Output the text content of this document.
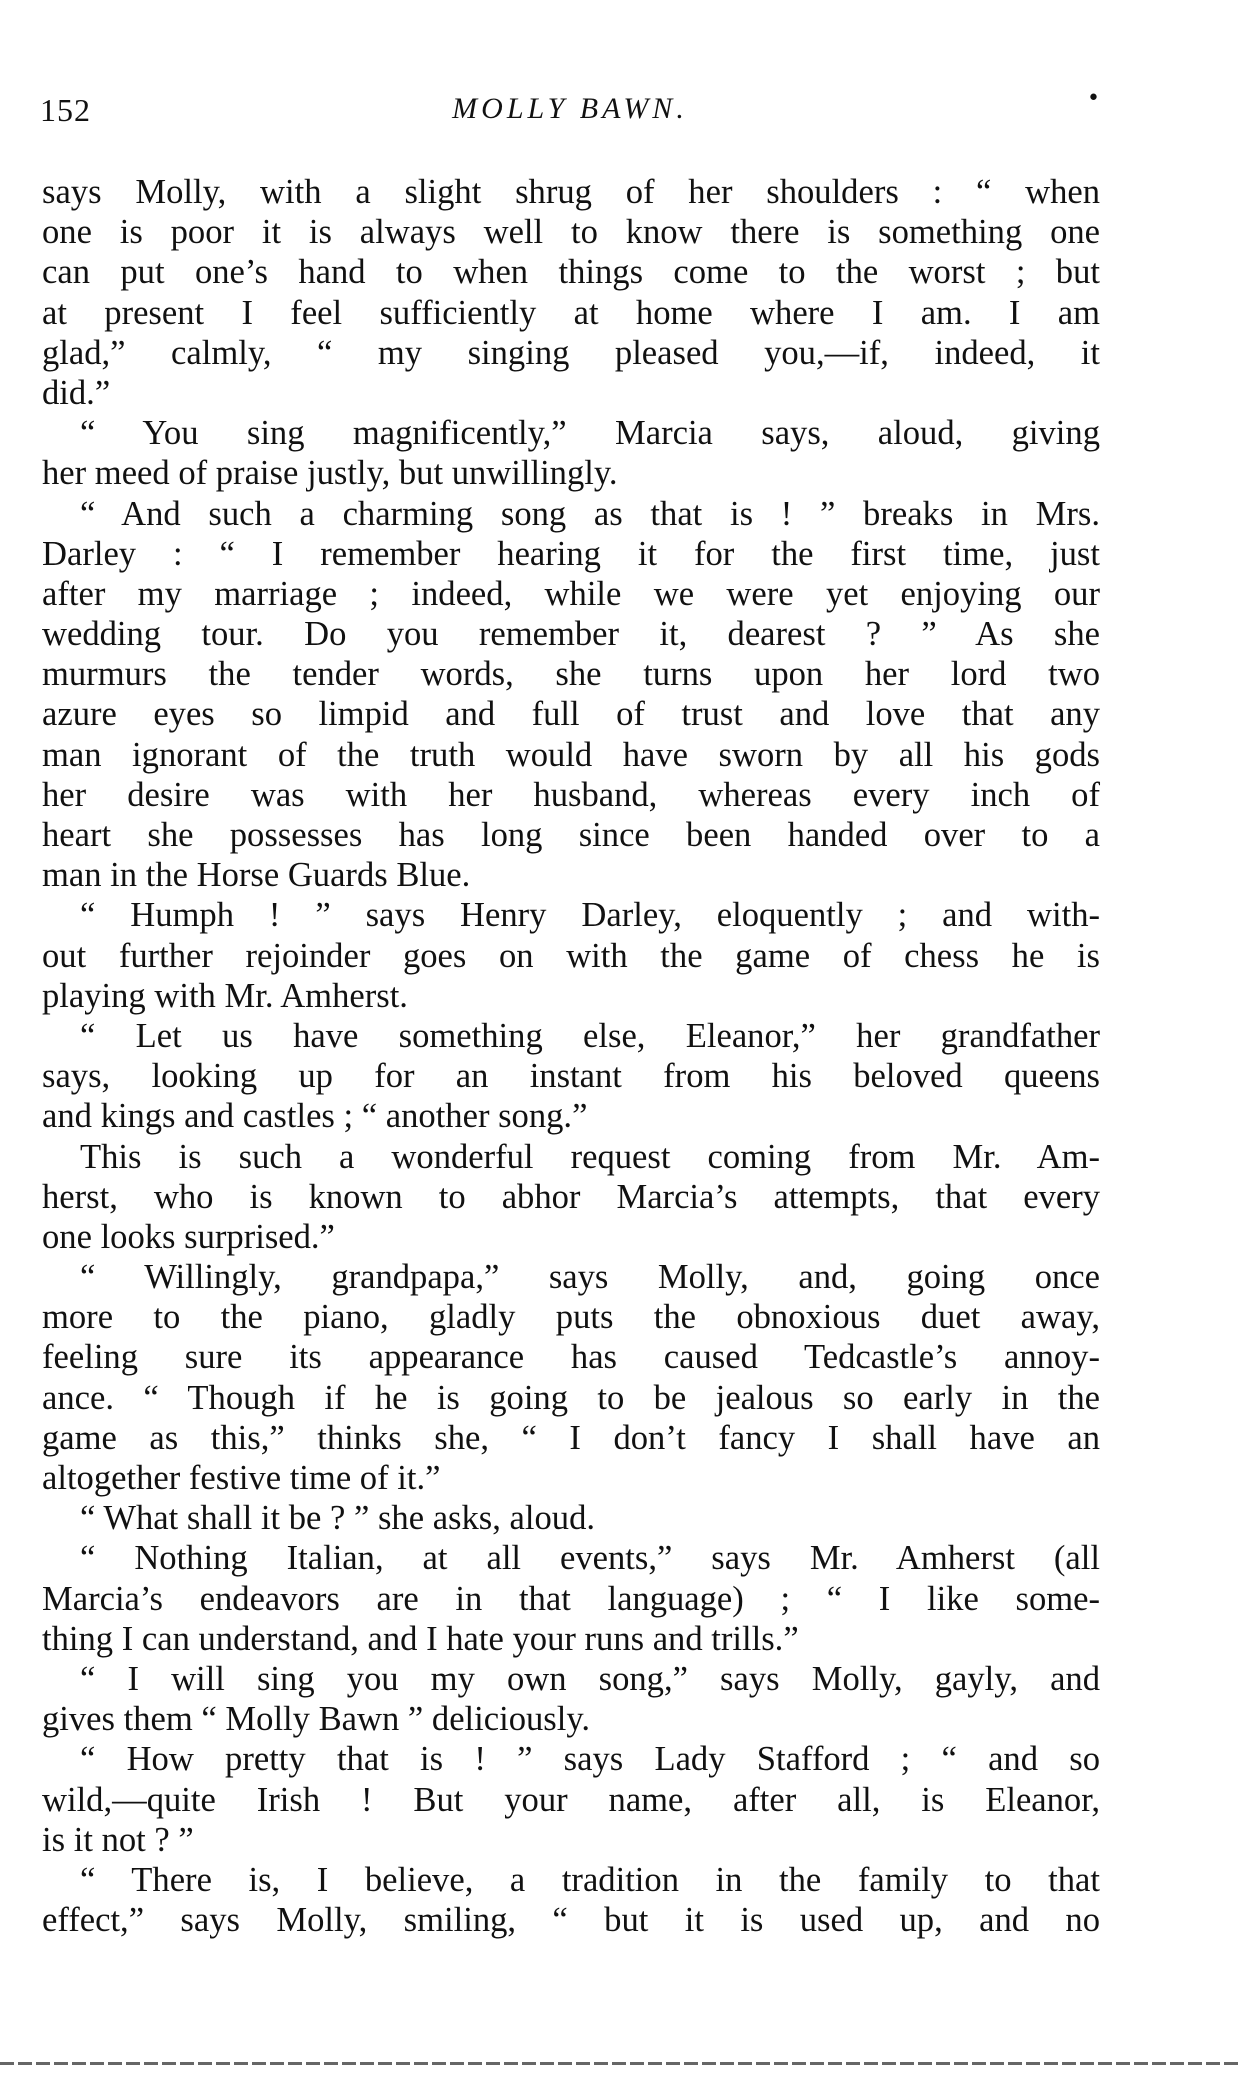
152	MOLLY BAWN.	•
says Molly, with a slight shrug of her shoulders : “ when
one is poor it is always well to know there is something one
can put one’s hand to when things come to the worst ; but
at present I feel sufficiently at home where I am. I am
glad,” calmly, “ my singing pleased you,—if, indeed, it
did.”
“ You sing magnificently,” Marcia says, aloud, giving
her meed of praise justly, but unwillingly.
“ And such a charming song as that is ! ” breaks in Mrs.
Darley : “ I remember hearing it for the first time, just
after my marriage ; indeed, while we were yet enjoying our
wedding tour. Do you remember it, dearest ? ” As she
murmurs the tender words, she turns upon her lord two
azure eyes so limpid and full of trust and love that any
man ignorant of the truth would have sworn by all his gods
her desire was with her husband, whereas every inch of
heart she possesses has long since been handed over to a
man in the Horse Guards Blue.
“ Humph ! ” says Henry Darley, eloquently ; and with-
out further rejoinder goes on with the game of chess he is
playing with Mr. Amherst.
“ Let us have something else, Eleanor,” her grandfather
says, looking up for an instant from his beloved queens
and kings and castles ; “ another song.”
This is such a wonderful request coming from Mr. Am-
herst, who is known to abhor Marcia’s attempts, that every
one looks surprised.”
“ Willingly, grandpapa,” says Molly, and, going once
more to the piano, gladly puts the obnoxious duet away,
feeling sure its appearance has caused Tedcastle’s annoy-
ance. “ Though if he is going to be jealous so early in the
game as this,” thinks she, “ I don’t fancy I shall have an
altogether festive time of it.”
“ What shall it be ? ” she asks, aloud.
“ Nothing Italian, at all events,” says Mr. Amherst (all
Marcia’s endeavors are in that language) ; “ I like some-
thing I can understand, and I hate your runs and trills.”
“ I will sing you my own song,” says Molly, gayly, and
gives them “ Molly Bawn ” deliciously.
“ How pretty that is ! ” says Lady Stafford ; “ and so
wild,—quite Irish ! But your name, after all, is Eleanor,
is it not ? ”
“ There is, I believe, a tradition in the family to that
effect,” says Molly, smiling, “ but it is used up, and no
